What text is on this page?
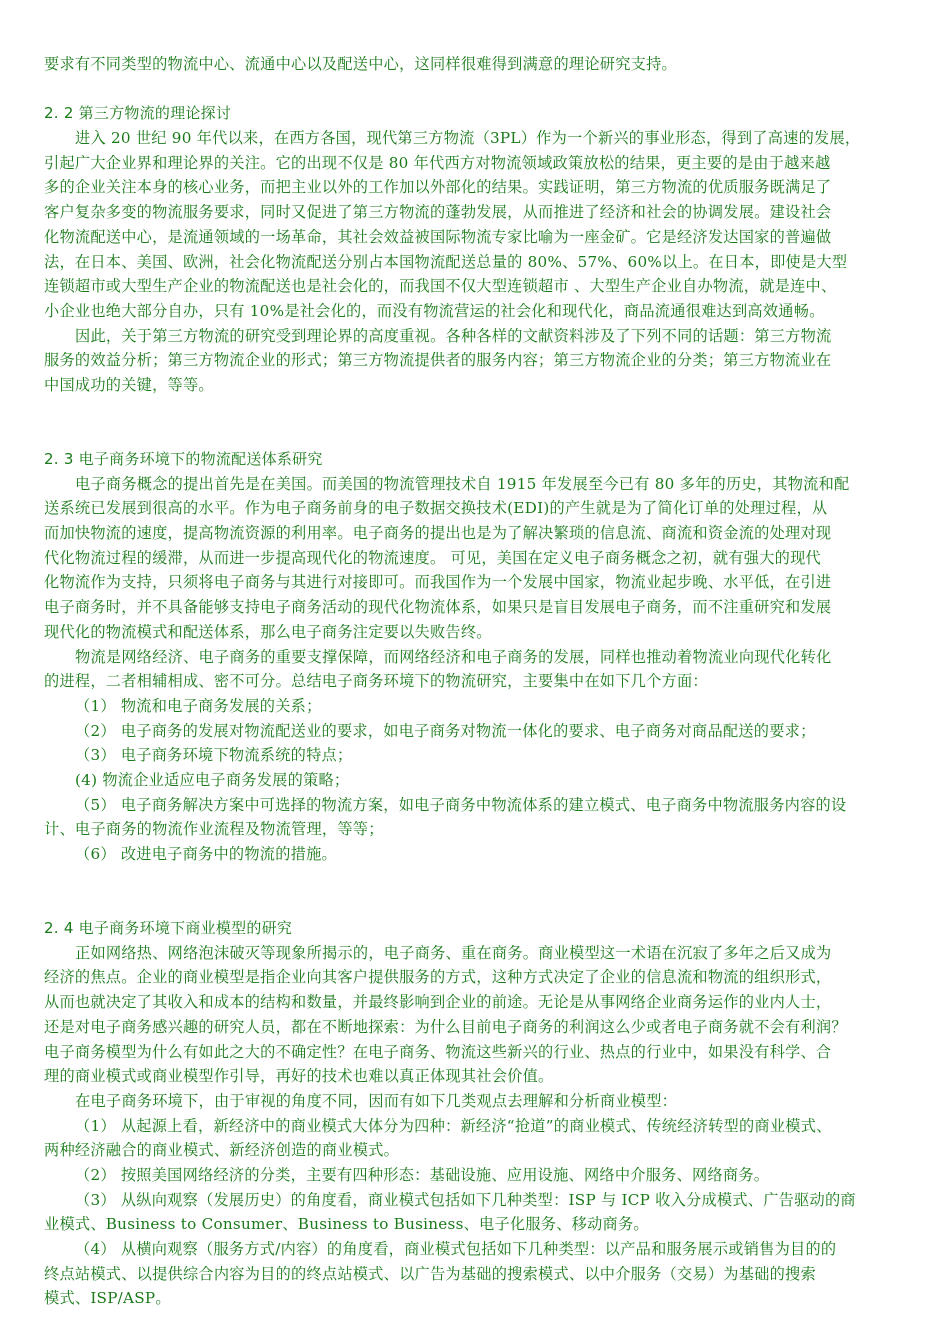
要求有不同类型的物流中心、流通中心以及配送中心，这同样很难得到满意的理论研究支持。
2. 2 第三方物流的理论探讨
进入 20 世纪 90 年代以来，在西方各国，现代第三方物流（3PL）作为一个新兴的事业形态，得到了高速的发展，
引起广大企业界和理论界的关注。它的出现不仅是 80 年代西方对物流领域政策放松的结果，更主要的是由于越来越
多的企业关注本身的核心业务，而把主业以外的工作加以外部化的结果。实践证明，第三方物流的优质服务既满足了
客户复杂多变的物流服务要求，同时又促进了第三方物流的蓬勃发展，从而推进了经济和社会的协调发展。建设社会
化物流配送中心，是流通领域的一场革命，其社会效益被国际物流专家比喻为一座金矿。它是经济发达国家的普遍做
法，在日本、美国、欧洲，社会化物流配送分别占本国物流配送总量的 80%、57%、60%以上。在日本，即使是大型
连锁超市或大型生产企业的物流配送也是社会化的，而我国不仅大型连锁超市 、大型生产企业自办物流，就是连中、
小企业也绝大部分自办，只有 10%是社会化的，而没有物流营运的社会化和现代化，商品流通很难达到高效通畅。
因此，关于第三方物流的研究受到理论界的高度重视。各种各样的文献资料涉及了下列不同的话题：第三方物流
服务的效益分析；第三方物流企业的形式；第三方物流提供者的服务内容；第三方物流企业的分类；第三方物流业在
中国成功的关键，等等。
2. 3 电子商务环境下的物流配送体系研究
电子商务概念的提出首先是在美国。而美国的物流管理技术自 1915 年发展至今已有 80 多年的历史，其物流和配
送系统已发展到很高的水平。作为电子商务前身的电子数据交换技术(EDI)的产生就是为了简化订单的处理过程，从
而加快物流的速度，提高物流资源的利用率。电子商务的提出也是为了解决繁琐的信息流、商流和资金流的处理对现
代化物流过程的缓滞，从而进一步提高现代化的物流速度。 可见，美国在定义电子商务概念之初，就有强大的现代
化物流作为支持，只须将电子商务与其进行对接即可。而我国作为一个发展中国家，物流业起步晚、水平低，在引进
电子商务时，并不具备能够支持电子商务活动的现代化物流体系，如果只是盲目发展电子商务，而不注重研究和发展
现代化的物流模式和配送体系，那么电子商务注定要以失败告终。
物流是网络经济、电子商务的重要支撑保障，而网络经济和电子商务的发展，同样也推动着物流业向现代化转化
的进程，二者相辅相成、密不可分。总结电子商务环境下的物流研究，主要集中在如下几个方面：
（1） 物流和电子商务发展的关系；
（2） 电子商务的发展对物流配送业的要求，如电子商务对物流一体化的要求、电子商务对商品配送的要求；
（3） 电子商务环境下物流系统的特点；
(4) 物流企业适应电子商务发展的策略；
（5） 电子商务解决方案中可选择的物流方案，如电子商务中物流体系的建立模式、电子商务中物流服务内容的设
计、电子商务的物流作业流程及物流管理，等等；
（6） 改进电子商务中的物流的措施。
2. 4 电子商务环境下商业模型的研究
正如网络热、网络泡沫破灭等现象所揭示的，电子商务、重在商务。商业模型这一术语在沉寂了多年之后又成为
经济的焦点。企业的商业模型是指企业向其客户提供服务的方式，这种方式决定了企业的信息流和物流的组织形式，
从而也就决定了其收入和成本的结构和数量，并最终影响到企业的前途。无论是从事网络企业商务运作的业内人士，
还是对电子商务感兴趣的研究人员，都在不断地探索：为什么目前电子商务的利润这么少或者电子商务就不会有利润？
电子商务模型为什么有如此之大的不确定性？在电子商务、物流这些新兴的行业、热点的行业中，如果没有科学、合
理的商业模式或商业模型作引导，再好的技术也难以真正体现其社会价值。
在电子商务环境下，由于审视的角度不同，因而有如下几类观点去理解和分析商业模型：
（1） 从起源上看，新经济中的商业模式大体分为四种：新经济“抢道”的商业模式、传统经济转型的商业模式、
两种经济融合的商业模式、新经济创造的商业模式。
（2） 按照美国网络经济的分类，主要有四种形态：基础设施、应用设施、网络中介服务、网络商务。
（3） 从纵向观察（发展历史）的角度看，商业模式包括如下几种类型：ISP 与 ICP 收入分成模式、广告驱动的商
业模式、Business to Consumer、Business to Business、电子化服务、移动商务。
（4） 从横向观察（服务方式/内容）的角度看，商业模式包括如下几种类型：以产品和服务展示或销售为目的的
终点站模式、以提供综合内容为目的的终点站模式、以广告为基础的搜索模式、以中介服务（交易）为基础的搜索
模式、ISP/ASP。
